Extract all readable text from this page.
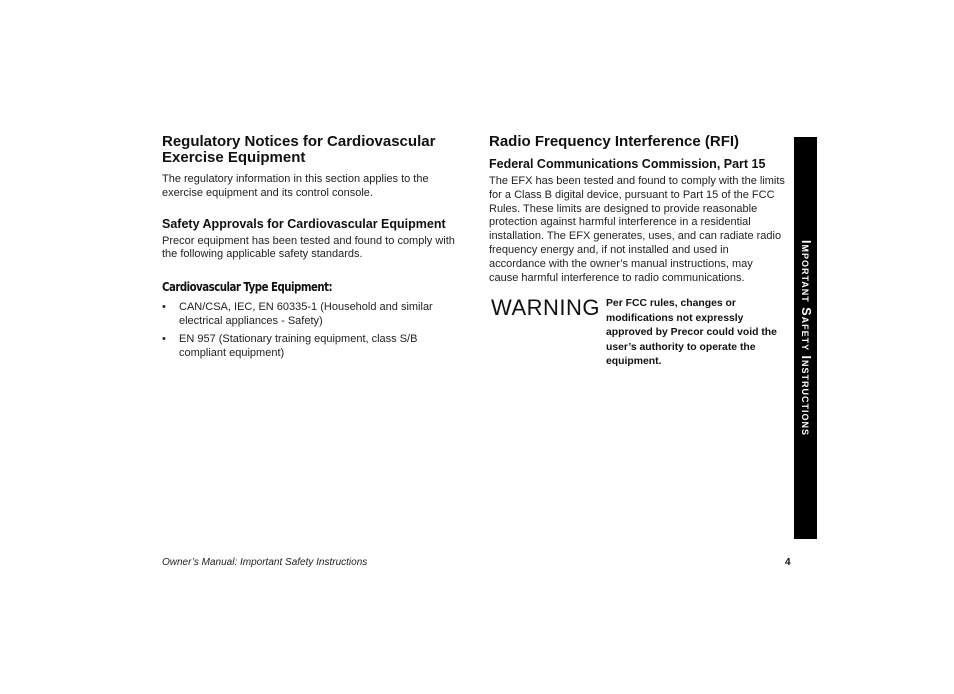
Regulatory Notices for Cardiovascular Exercise Equipment

The regulatory information in this section applies to the exercise equipment and its control console.

Safety Approvals for Cardiovascular Equipment

Precor equipment has been tested and found to comply with the following applicable safety standards.

Cardiovascular Type Equipment:
• CAN/CSA, IEC, EN 60335-1 (Household and similar electrical appliances - Safety)
• EN 957 (Stationary training equipment, class S/B compliant equipment)
Radio Frequency Interference (RFI)
Federal Communications Commission, Part 15

The EFX has been tested and found to comply with the limits for a Class B digital device, pursuant to Part 15 of the FCC Rules. These limits are designed to provide reasonable protection against harmful interference in a residential installation. The EFX generates, uses, and can radiate radio frequency energy and, if not installed and used in accordance with the owner’s manual instructions, may cause harmful interference to radio communications.

WARNING Per FCC rules, changes or modifications not expressly approved by Precor could void the user’s authority to operate the equipment.	Important Safety Instructions
Owner’s Manual: Important Safety Instructions	4
